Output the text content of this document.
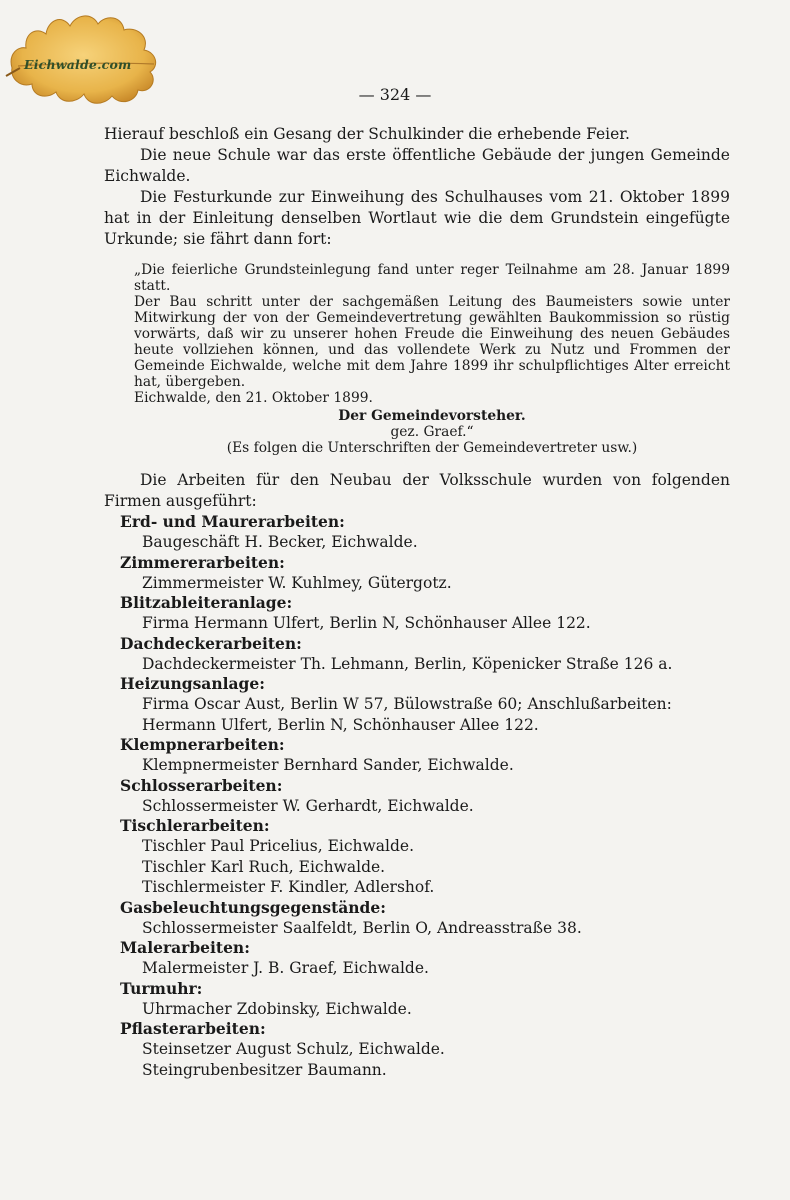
Eichwalde.com
— 324 —

Hierauf beschloß ein Gesang der Schulkinder die erhebende Feier.

Die neue Schule war das erste öffentliche Gebäude der jungen Gemeinde Eichwalde.

Die Festurkunde zur Einweihung des Schulhauses vom 21. Oktober 1899 hat in der Einleitung denselben Wortlaut wie die dem Grundstein eingefügte Urkunde; sie fährt dann fort:

„Die feierliche Grundsteinlegung fand unter reger Teilnahme am 28. Januar 1899 statt.

Der Bau schritt unter der sachgemäßen Leitung des Baumeisters sowie unter Mitwirkung der von der Gemeindevertretung gewählten Baukommission so rüstig vorwärts, daß wir zu unserer hohen Freude die Einweihung des neuen Gebäudes heute vollziehen können, und das vollendete Werk zu Nutz und Frommen der Gemeinde Eichwalde, welche mit dem Jahre 1899 ihr schulpflichtiges Alter erreicht hat, übergeben.

Eichwalde, den 21. Oktober 1899.

Der Gemeindevorsteher.
gez. Graef.“
(Es folgen die Unterschriften der Gemeindevertreter usw.)

Die Arbeiten für den Neubau der Volksschule wurden von folgenden Firmen ausgeführt:

Erd- und Maurerarbeiten:
Baugeschäft H. Becker, Eichwalde.
Zimmererarbeiten:
Zimmermeister W. Kuhlmey, Gütergotz.
Blitzableiteranlage:
Firma Hermann Ulfert, Berlin N, Schönhauser Allee 122.
Dachdeckerarbeiten:
Dachdeckermeister Th. Lehmann, Berlin, Köpenicker Straße 126 a.
Heizungsanlage:
Firma Oscar Aust, Berlin W 57, Bülowstraße 60; Anschlußarbeiten:
Hermann Ulfert, Berlin N, Schönhauser Allee 122.
Klempnerarbeiten:
Klempnermeister Bernhard Sander, Eichwalde.
Schlosserarbeiten:
Schlossermeister W. Gerhardt, Eichwalde.
Tischlerarbeiten:
Tischler Paul Pricelius, Eichwalde.
Tischler Karl Ruch, Eichwalde.
Tischlermeister F. Kindler, Adlershof.
Gasbeleuchtungsgegenstände:
Schlossermeister Saalfeldt, Berlin O, Andreasstraße 38.
Malerarbeiten:
Malermeister J. B. Graef, Eichwalde.
Turmuhr:
Uhrmacher Zdobinsky, Eichwalde.
Pflasterarbeiten:
Steinsetzer August Schulz, Eichwalde.
Steingrubenbesitzer Baumann.
